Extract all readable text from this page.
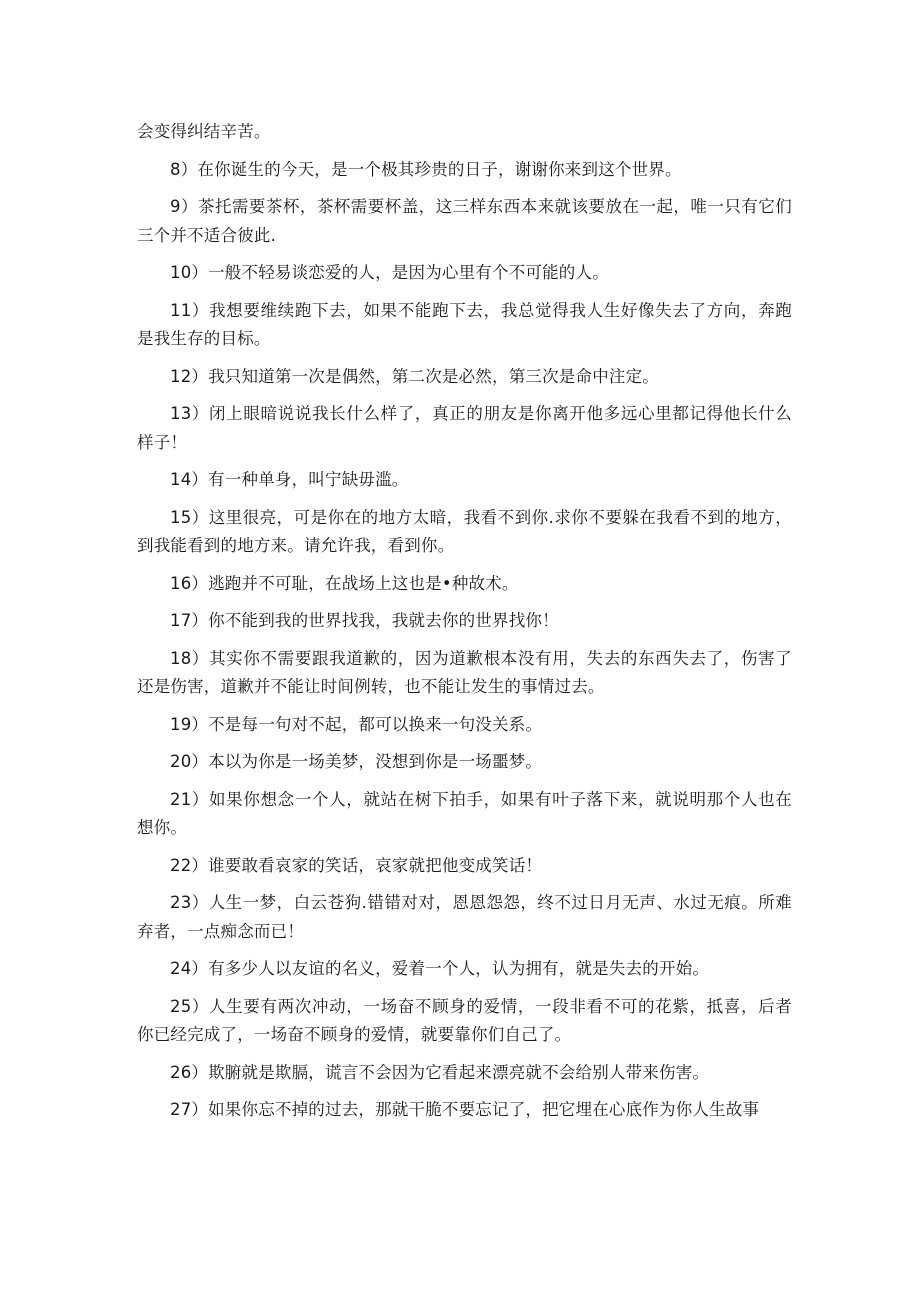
会变得纠结辛苦。

8）在你诞生的今天，是一个极其珍贵的日子，谢谢你来到这个世界。

9）茶托需要茶杯，茶杯需要杯盖，这三样东西本来就该要放在一起，唯一只有它们三个并不适合彼此.

10）一般不轻易谈恋爱的人，是因为心里有个不可能的人。

11）我想要维续跑下去，如果不能跑下去，我总觉得我人生好像失去了方向，奔跑是我生存的目标。

12）我只知道第一次是偶然，第二次是必然，第三次是命中注定。

13）闭上眼暗说说我长什么样了，真正的朋友是你离开他多远心里都记得他长什么样子！

14）有一种单身，叫宁缺毋滥。

15）这里很亮，可是你在的地方太暗，我看不到你.求你不要躲在我看不到的地方，到我能看到的地方来。请允许我，看到你。

16）逃跑并不可耻，在战场上这也是•种故术。

17）你不能到我的世界找我，我就去你的世界找你！

18）其实你不需要跟我道歉的，因为道歉根本没有用，失去的东西失去了，伤害了还是伤害，道歉并不能让时间例转，也不能让发生的事情过去。

19）不是每一句对不起，都可以换来一句没关系。

20）本以为你是一场美梦，没想到你是一场噩梦。

21）如果你想念一个人，就站在树下拍手，如果有叶子落下来，就说明那个人也在想你。

22）谁要敢看哀家的笑话，哀家就把他变成笑话！

23）人生一梦，白云苍狗.错错对对，恩恩怨怨，终不过日月无声、水过无痕。所难弃者，一点痴念而已！

24）有多少人以友谊的名义，爱着一个人，认为拥有，就是失去的开始。

25）人生要有两次冲动，一场奋不顾身的爱情，一段非看不可的花紫，抵喜，后者你已经完成了，一场奋不顾身的爱情，就要靠你们自己了。

26）欺腑就是欺膈，谎言不会因为它看起来漂亮就不会给别人带来伤害。

27）如果你忘不掉的过去，那就干脆不要忘记了，把它埋在心底作为你人生故事
